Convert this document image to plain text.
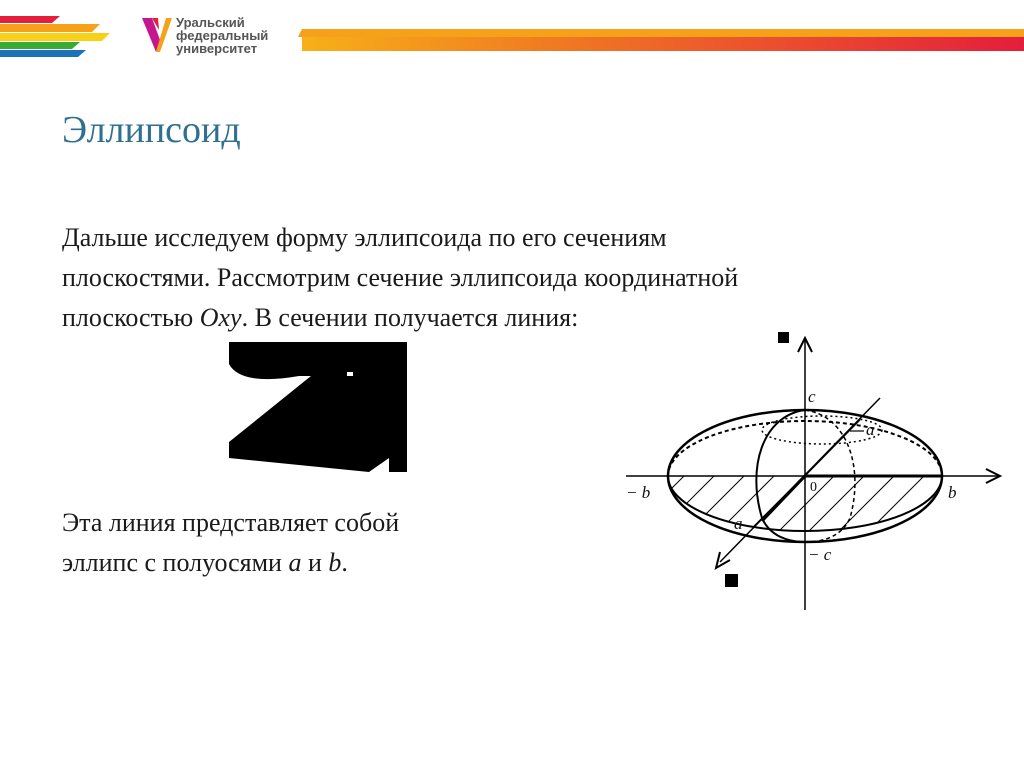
Уральский
федеральный
университет
Эллипсоид
Дальше исследуем форму эллипсоида по его сечениям
плоскостями. Рассмотрим сечение эллипсоида координатной
плоскостью Oxy. В сечении получается линия:
Эта линия представляет собой
эллипс с полуосями a и b.
c
− c
a
a
b
− b	0
